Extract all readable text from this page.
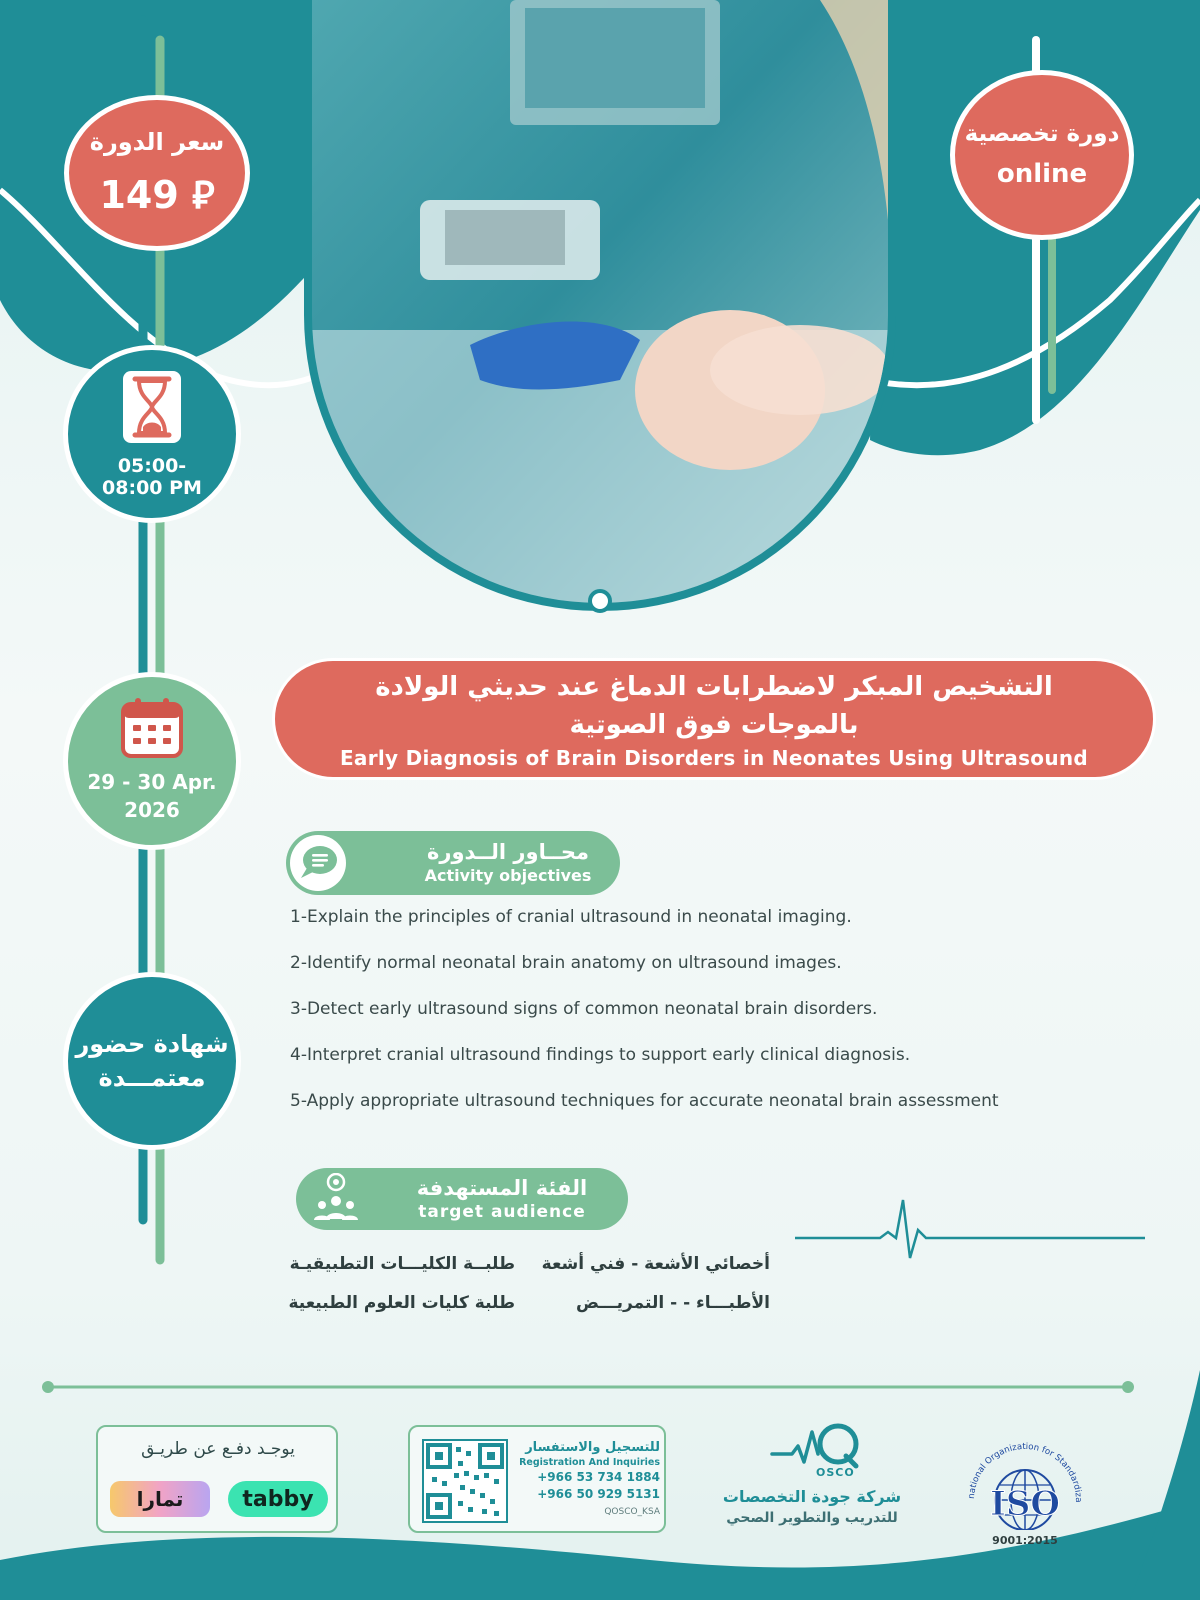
سعر الدورة
149 ⃁
دورة تخصصية
online
05:00- 08:00 PM
29 - 30 Apr. 2026
شهادة حضور
معتمـــدة
التشخيص المبكر لاضطرابات الدماغ عند حديثي الولادة
بالموجات فوق الصوتية
Early Diagnosis of Brain Disorders in Neonates Using Ultrasound
محــاور الــدورة
Activity objectives
1-Explain the principles of cranial ultrasound in neonatal imaging.
2-Identify normal neonatal brain anatomy on ultrasound images.
3-Detect early ultrasound signs of common neonatal brain disorders.
4-Interpret cranial ultrasound findings to support early clinical diagnosis.
5-Apply appropriate ultrasound techniques for accurate neonatal brain assessment
الفئة المستهدفة
target audience
أخصائي الأشعة - فني أشعة
الأطبـــاء - - التمريـــض
طلبــة الكليـــات التطبيقيـة
طلبة كليات العلوم الطبيعية
يوجـد دفـع عن طريـق
tabby
تمارا
للتسجيل والاستفسار
Registration And Inquiries
+966 53 734 1884
+966 50 929 5131
QOSCO_KSA
OSCO
شركة جودة التخصصات
للتدريب والتطوير الصحي
national Organization for Standardiza
ISO
9001:2015
